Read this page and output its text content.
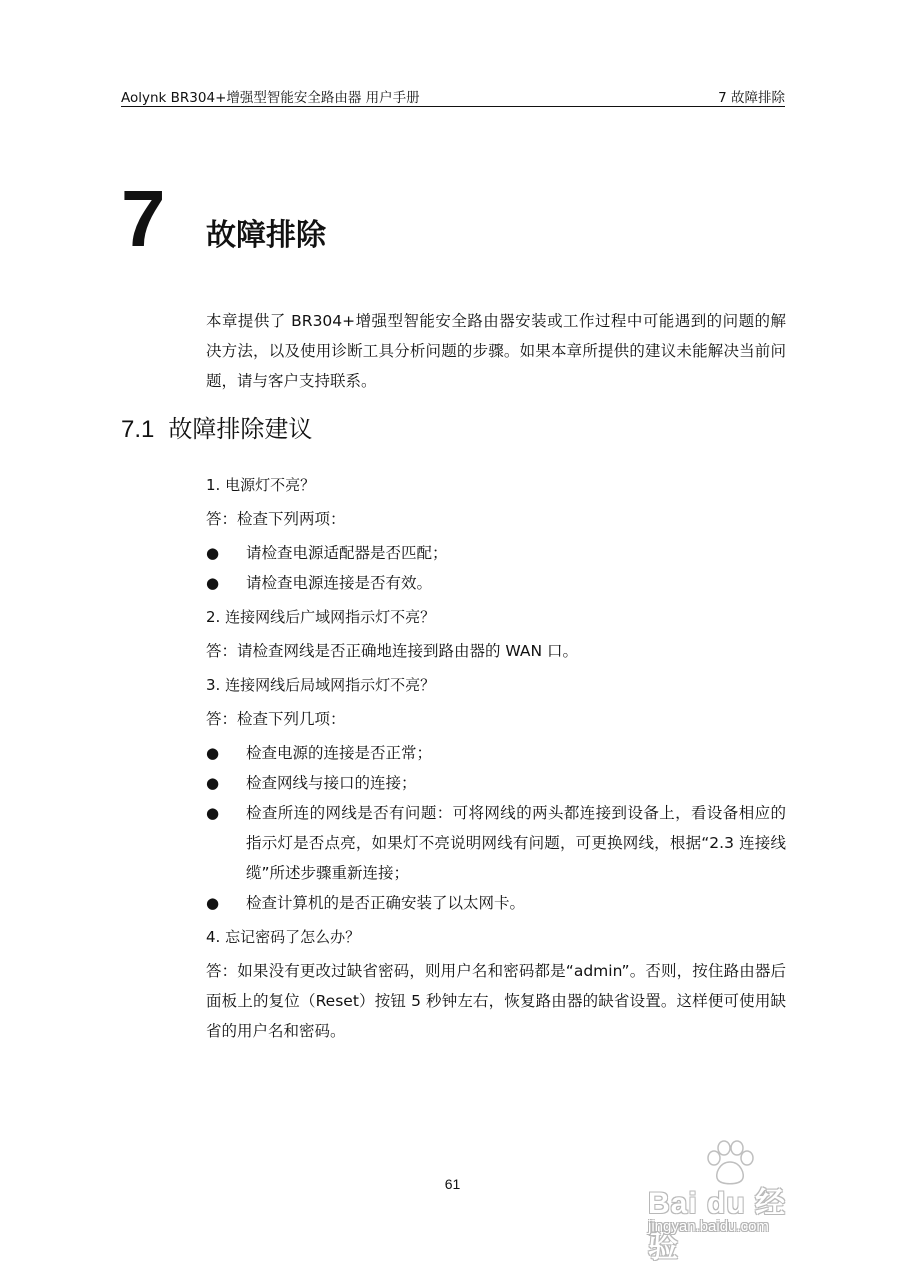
Aolynk BR304+增强型智能安全路由器 用户手册	7 故障排除
7 故障排除

本章提供了 BR304+增强型智能安全路由器安装或工作过程中可能遇到的问题的解决方法，以及使用诊断工具分析问题的步骤。如果本章所提供的建议未能解决当前问题，请与客户支持联系。

7.1 故障排除建议
1. 电源灯不亮？
答：检查下列两项：
● 请检查电源适配器是否匹配；
● 请检查电源连接是否有效。
2. 连接网线后广域网指示灯不亮？
答：请检查网线是否正确地连接到路由器的 WAN 口。
3. 连接网线后局域网指示灯不亮？
答：检查下列几项：
● 检查电源的连接是否正常；
● 检查网线与接口的连接；
● 检查所连的网线是否有问题：可将网线的两头都连接到设备上，看设备相应的指示灯是否点亮，如果灯不亮说明网线有问题，可更换网线，根据“2.3 连接线缆”所述步骤重新连接；
● 检查计算机的是否正确安装了以太网卡。
4. 忘记密码了怎么办？
答：如果没有更改过缺省密码，则用户名和密码都是“admin”。否则，按住路由器后面板上的复位（Reset）按钮 5 秒钟左右，恢复路由器的缺省设置。这样便可使用缺省的用户名和密码。
61
Bai du 经验
jingyan.baidu.com
